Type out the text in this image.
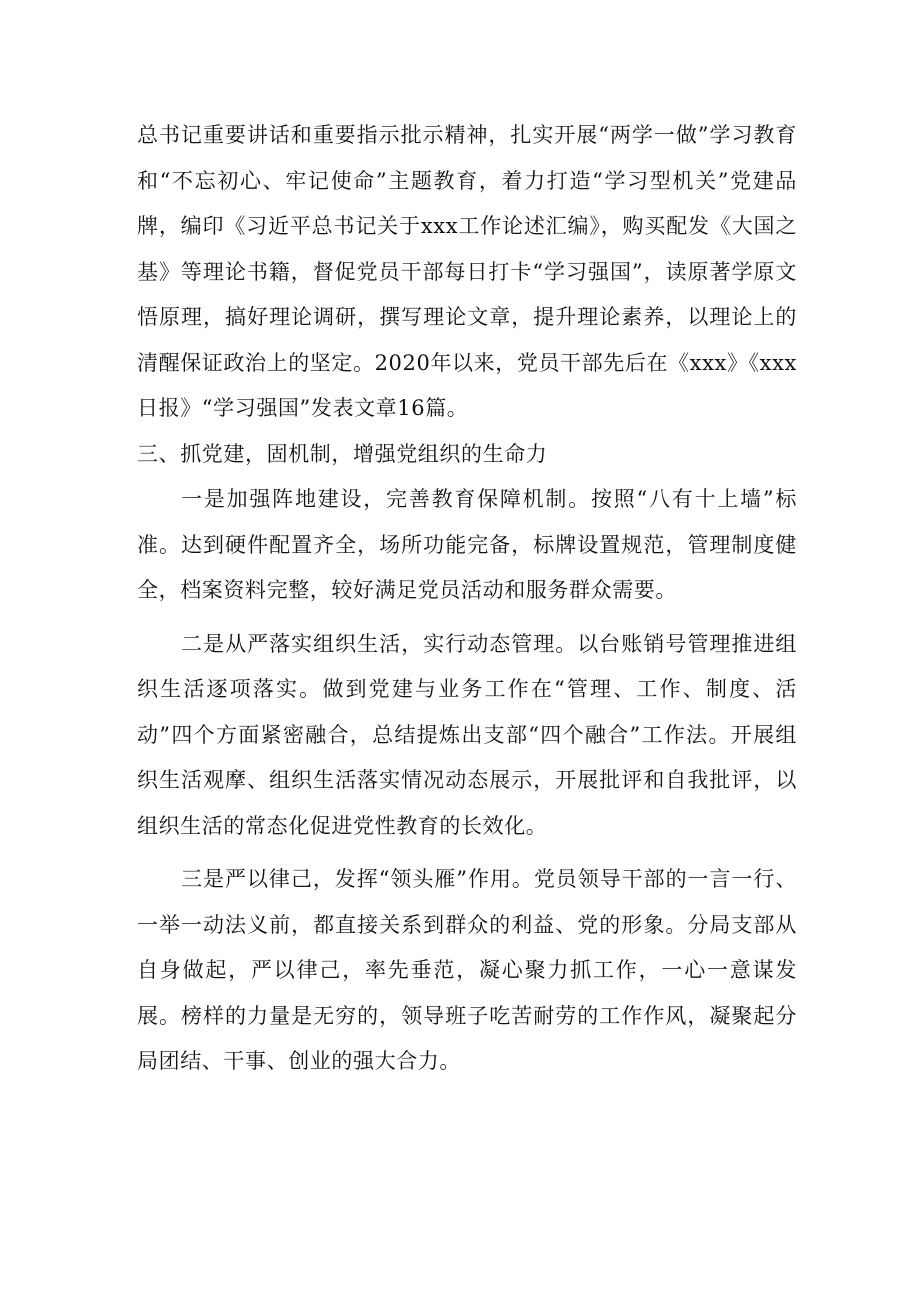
总书记重要讲话和重要指示批示精神，扎实开展“两学一做”学习教育和“不忘初心、牢记使命”主题教育，着力打造“学习型机关”党建品牌，编印《习近平总书记关于xxx工作论述汇编》，购买配发《大国之基》等理论书籍，督促党员干部每日打卡“学习强国”，读原著学原文悟原理，搞好理论调研，撰写理论文章，提升理论素养，以理论上的清醒保证政治上的坚定。2020年以来，党员干部先后在《xxx》《xxx日报》“学习强国”发表文章16篇。

三、抓党建，固机制，增强党组织的生命力

一是加强阵地建设，完善教育保障机制。按照“八有十上墙”标准。达到硬件配置齐全，场所功能完备，标牌设置规范，管理制度健全，档案资料完整，较好满足党员活动和服务群众需要。

二是从严落实组织生活，实行动态管理。以台账销号管理推进组织生活逐项落实。做到党建与业务工作在“管理、工作、制度、活动”四个方面紧密融合，总结提炼出支部“四个融合”工作法。开展组织生活观摩、组织生活落实情况动态展示，开展批评和自我批评，以组织生活的常态化促进党性教育的长效化。

三是严以律己，发挥“领头雁”作用。党员领导干部的一言一行、一举一动法义前，都直接关系到群众的利益、党的形象。分局支部从自身做起，严以律己，率先垂范，凝心聚力抓工作，一心一意谋发展。榜样的力量是无穷的，领导班子吃苦耐劳的工作作风，凝聚起分局团结、干事、创业的强大合力。
